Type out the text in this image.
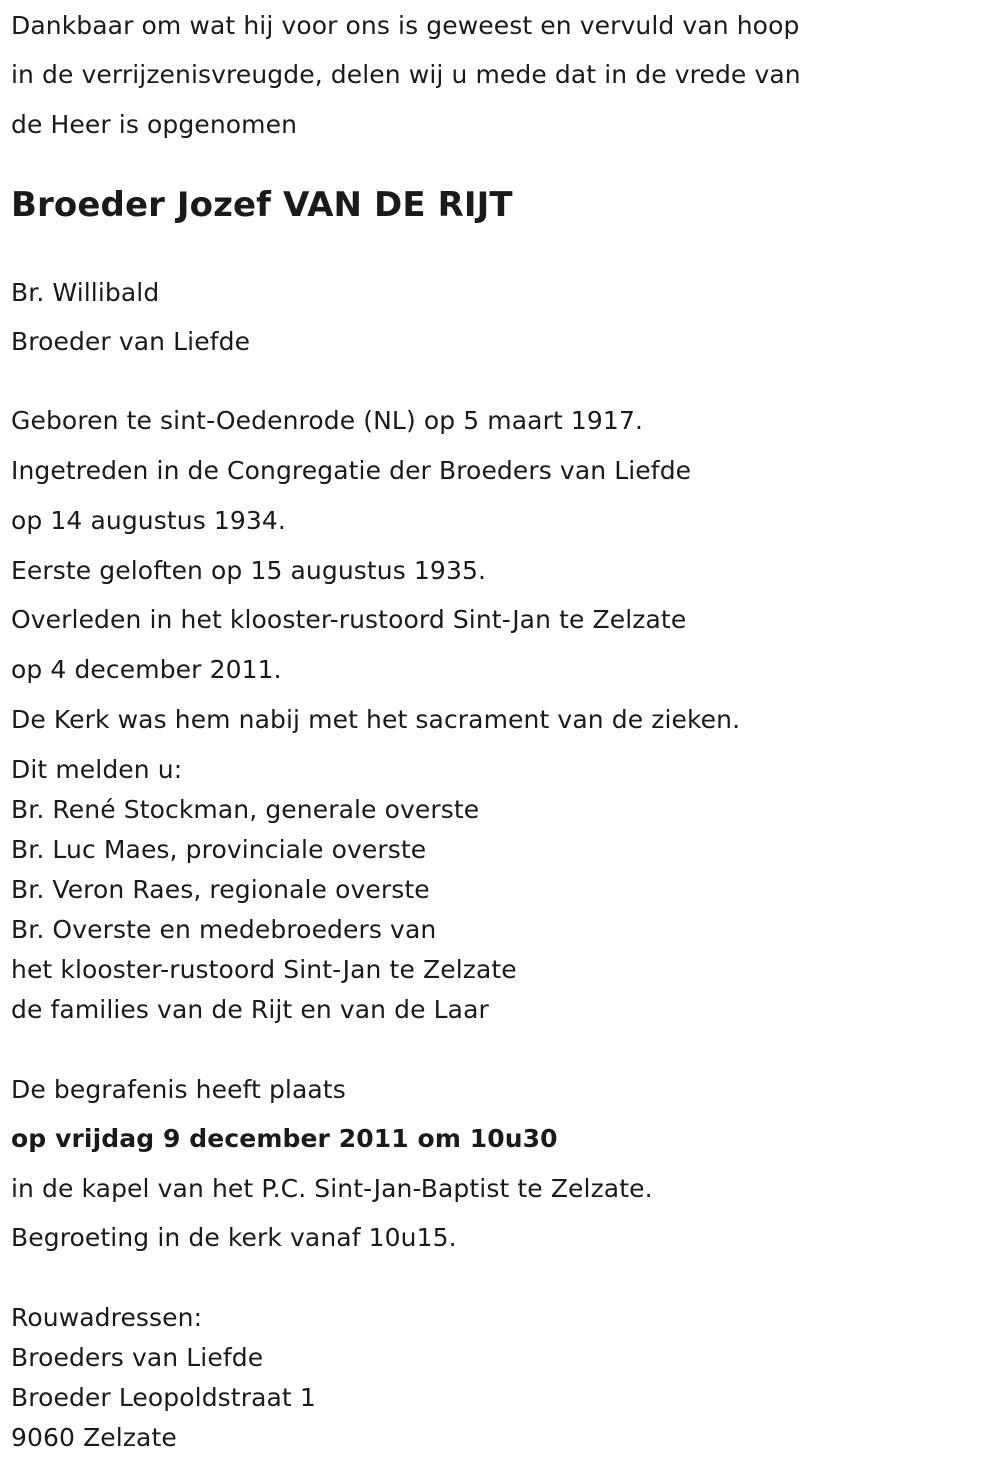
Dankbaar om wat hij voor ons is geweest en vervuld van hoop
in de verrijzenisvreugde, delen wij u mede dat in de vrede van
de Heer is opgenomen
Broeder Jozef VAN DE RIJT
Br. Willibald
Broeder van Liefde
Geboren te sint-Oedenrode (NL) op 5 maart 1917.
Ingetreden in de Congregatie der Broeders van Liefde
op 14 augustus 1934.
Eerste geloften op 15 augustus 1935.
Overleden in het klooster-rustoord Sint-Jan te Zelzate
op 4 december 2011.
De Kerk was hem nabij met het sacrament van de zieken.
Dit melden u:
Br. René Stockman, generale overste
Br. Luc Maes, provinciale overste
Br. Veron Raes, regionale overste
Br. Overste en medebroeders van
het klooster-rustoord Sint-Jan te Zelzate
de families van de Rijt en van de Laar
De begrafenis heeft plaats
op vrijdag 9 december 2011 om 10u30
in de kapel van het P.C. Sint-Jan-Baptist te Zelzate.
Begroeting in de kerk vanaf 10u15.
Rouwadressen:
Broeders van Liefde
Broeder Leopoldstraat 1
9060 Zelzate
